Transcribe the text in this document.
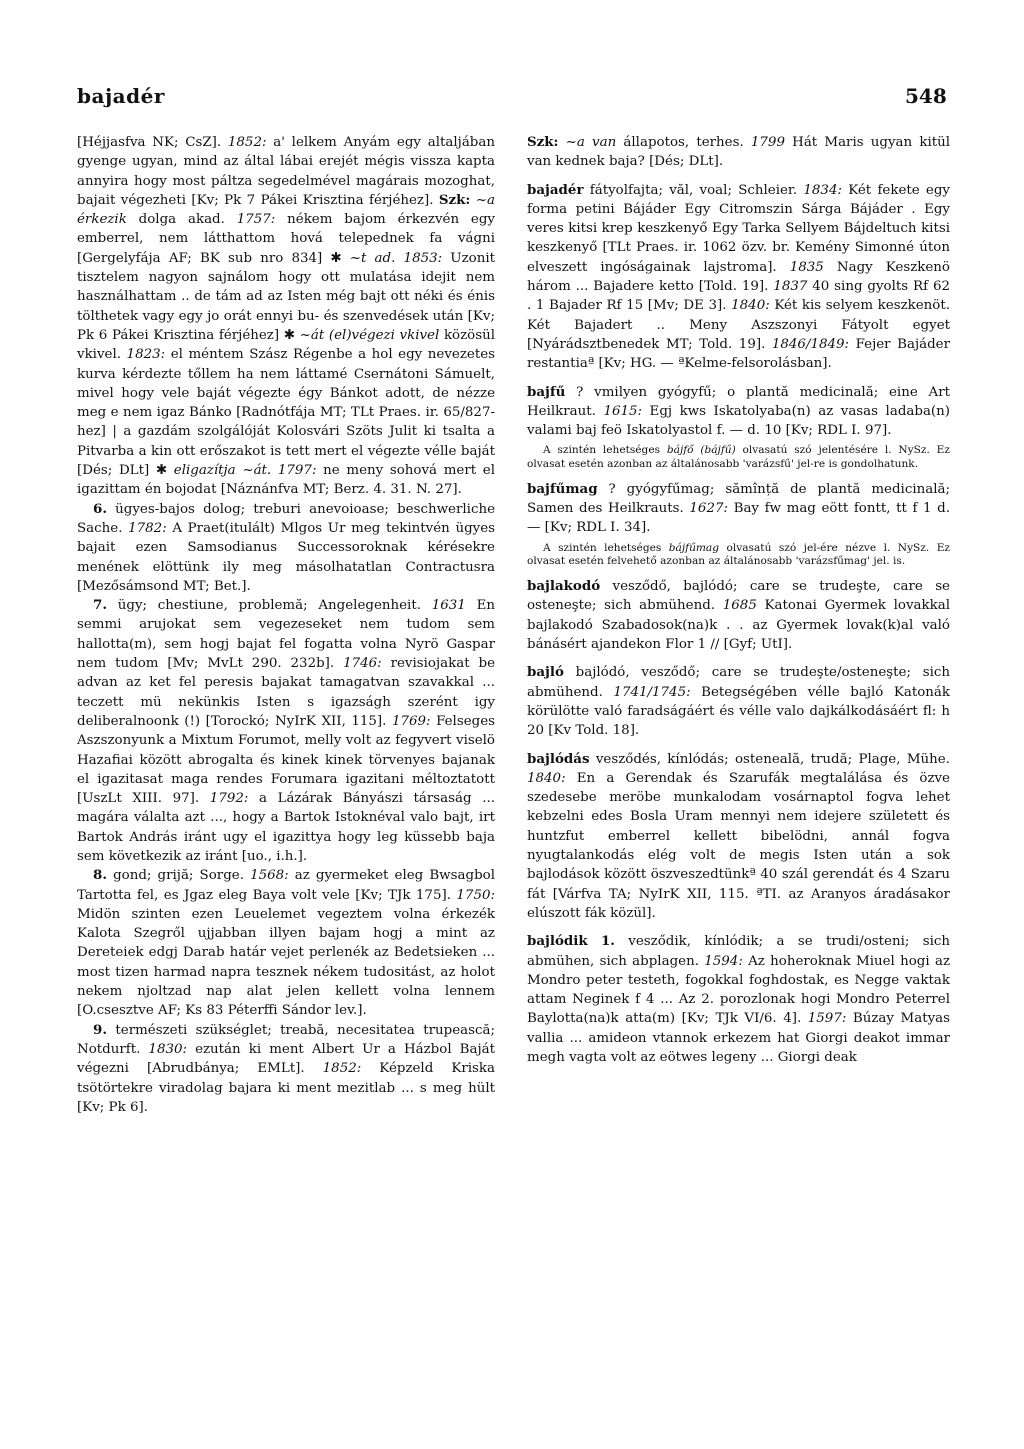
bajadér	548

[Héjjasfva NK; CsZ]. 1852: a' lelkem Anyám egy altaljában gyenge ugyan, mind az által lábai erejét mégis vissza kapta annyira hogy most páltza segedelmével magárais mozoghat, bajait végezheti [Kv; Pk 7 Pákei Krisztina férjéhez]. Szk: ~a érkezik dolga akad. 1757: nékem bajom érkezvén egy emberrel, nem látthattom hová telepednek fa vágni [Gergelyfája AF; BK sub nro 834] ✱ ~t ad. 1853: Uzonit tisztelem nagyon sajnálom hogy ott mulatása idejit nem használhattam .. de tám ad az Isten még bajt ott néki és énis tölthetek vagy egy jo orát ennyi bu- és szenvedések után [Kv; Pk 6 Pákei Krisztina férjéhez] ✱ ~át (el)végezi vkivel közösül vkivel. 1823: el méntem Szász Régenbe a hol egy nevezetes kurva kérdezte tőllem ha nem láttamé Csernátoni Sámuelt, mivel hogy vele baját végezte égy Bánkot adott, de nézze meg e nem igaz Bánko [Radnótfája MT; TLt Praes. ir. 65/827-hez] | a gazdám szolgálóját Kolosvári Szöts Julit ki tsalta a Pitvarba a kin ott erőszakot is tett mert el végezte vélle baját [Dés; DLt] ✱ eligazítja ~át. 1797: ne meny sohová mert el igazittam én bojodat [Náznánfva MT; Berz. 4. 31. N. 27].

6. ügyes-bajos dolog; treburi anevoioase; beschwerliche Sache. 1782: A Praet(itulált) Mlgos Ur meg tekintvén ügyes bajait ezen Samsodianus Successoroknak kérésekre menének elöttünk ily meg másolhatatlan Contractusra [Mezősámsond MT; Bet.].

7. ügy; chestiune, problemă; Angelegenheit. 1631 En semmi arujokat sem vegezeseket nem tudom sem hallotta(m), sem hogj bajat fel fogatta volna Nyrö Gaspar nem tudom [Mv; MvLt 290. 232b]. 1746: revisiojakat be advan az ket fel peresis bajakat tamagatvan szavakkal ... teczett mü nekünkis Isten s igazságh szerént igy deliberalnoonk (!) [Torockó; NyIrK XII, 115]. 1769: Felseges Aszszonyunk a Mixtum Forumot, melly volt az fegyvert viselö Hazafiai között abrogalta és kinek kinek törvenyes bajanak el igazitasat maga rendes Forumara igazitani méltoztatott [UszLt XIII. 97]. 1792: a Lázárak Bányászi társaság ... magára válalta azt ..., hogy a Bartok Istoknéval valo bajt, irt Bartok András iránt ugy el igazittya hogy leg küssebb baja sem következik az iránt [uo., i.h.].

8. gond; grijă; Sorge. 1568: az gyermeket eleg Bwsagbol Tartotta fel, es Jgaz eleg Baya volt vele [Kv; TJk 175]. 1750: Midön szinten ezen Leuelemet vegeztem volna érkezék Kalota Szegről ujjabban illyen bajam hogj a mint az Dereteiek edgj Darab határ vejet perlenék az Bedetsieken ... most tizen harmad napra tesznek nékem tudositást, az holot nekem njoltzad nap alat jelen kellett volna lennem [O.csesztve AF; Ks 83 Péterffi Sándor lev.].

9. természeti szükséglet; treabă, necesitatea trupească; Notdurft. 1830: ezután ki ment Albert Ur a Házbol Baját végezni [Abrudbánya; EMLt]. 1852: Képzeld Kriska tsötörtekre viradolag bajara ki ment mezitlab ... s meg hült [Kv; Pk 6].

Szk: ~a van állapotos, terhes. 1799 Hát Maris ugyan kitül van kednek baja? [Dés; DLt].

bajadér fátyolfajta; văl, voal; Schleier. 1834: Két fekete egy forma petini Bájáder Egy Citromszin Sárga Bájáder . Egy veres kitsi krep keszkenyő Egy Tarka Sellyem Bájdeltuch kitsi keszkenyő [TLt Praes. ir. 1062 özv. br. Kemény Simonné úton elveszett ingóságainak lajstroma]. 1835 Nagy Keszkenö három ... Bajadere ketto [Told. 19]. 1837 40 sing gyolts Rf 62 . 1 Bajader Rf 15 [Mv; DE 3]. 1840: Két kis selyem keszkenöt. Két Bajadert .. Meny Aszszonyi Fátyolt egyet [Nyárádsztbenedek MT; Told. 19]. 1846/1849: Fejer Bajáder restantiaª [Kv; HG. — ªKelme-felsorolásban].

bajfű ? vmilyen gyógyfű; o plantă medicinală; eine Art Heilkraut. 1615: Egj kws Iskatolyaba(n) az vasas ladaba(n) valami baj feö Iskatolyastol f. — d. 10 [Kv; RDL I. 97].

A szintén lehetséges bájfő (bájfű) olvasatú szó jelentésére l. NySz. Ez olvasat esetén azonban az általánosabb 'varázsfű' jel-re is gondolhatunk.

bajfűmag ? gyógyfűmag; sămînță de plantă medicinală; Samen des Heilkrauts. 1627: Bay fw mag eött fontt, tt f 1 d. — [Kv; RDL I. 34].

A szintén lehetséges bájfűmag olvasatú szó jel-ére nézve l. NySz. Ez olvasat esetén felvehető azonban az általánosabb 'varázsfűmag' jel. is.

bajlakodó vesződő, bajlódó; care se trudeşte, care se osteneşte; sich abmühend. 1685 Katonai Gyermek lovakkal bajlakodó Szabadosok(na)k . . az Gyermek lovak(k)al való bánásért ajandekon Flor 1 // [Gyf; UtI].

bajló bajlódó, vesződő; care se trudeşte/osteneşte; sich abmühend. 1741/1745: Betegségében vélle bajló Katonák körülötte való faradságáért és vélle valo dajkálkodásáért fl: h 20 [Kv Told. 18].

bajlódás vesződés, kínlódás; osteneală, trudă; Plage, Mühe. 1840: En a Gerendak és Szarufák megtalálása és özve szedesebe meröbe munkalodam vosárnaptol fogva lehet kebzelni edes Bosla Uram mennyi nem idejere született és huntzfut emberrel kellett bibelödni, annál fogva nyugtalankodás elég volt de megis Isten után a sok bajlodások között öszveszedtünkª 40 szál gerendát és 4 Szaru fát [Várfva TA; NyIrK XII, 115. ªTI. az Aranyos áradásakor elúszott fák közül].

bajlódik 1. vesződik, kínlódik; a se trudi/osteni; sich abmühen, sich abplagen. 1594: Az hoheroknak Miuel hogi az Mondro peter testeth, fogokkal foghdostak, es Negge vaktak attam Neginek f 4 ... Az 2. porozlonak hogi Mondro Peterrel Baylotta(na)k atta(m) [Kv; TJk VI/6. 4]. 1597: Búzay Matyas vallia ... amideon vtannok erkezem hat Giorgi deakot immar megh vagta volt az eötwes legeny ... Giorgi deak
